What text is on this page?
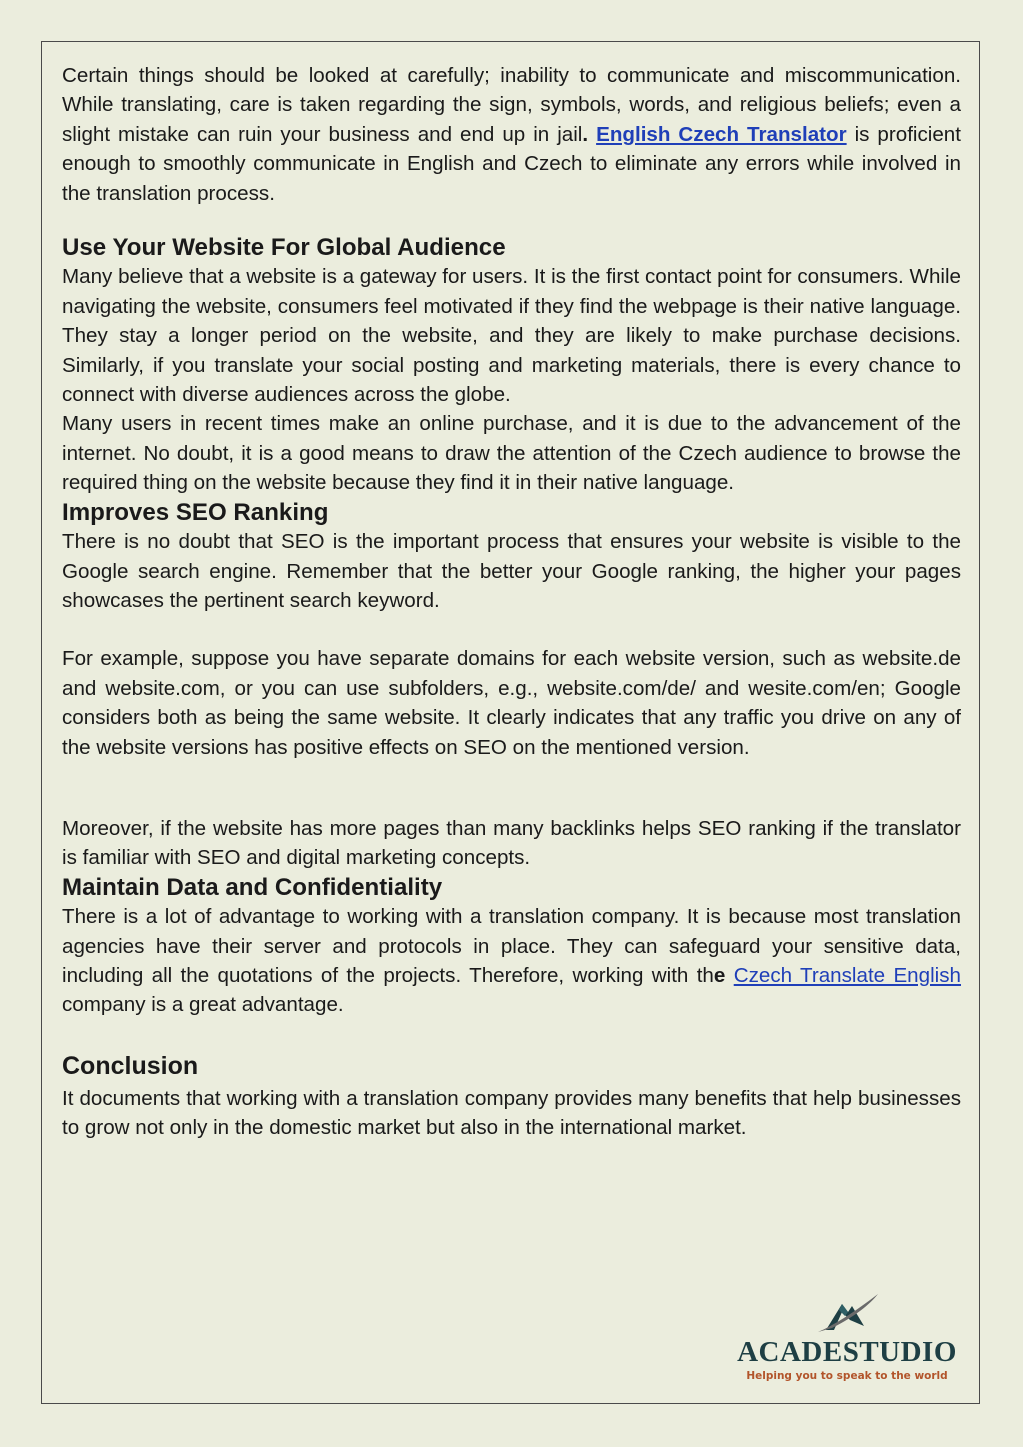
Certain things should be looked at carefully; inability to communicate and miscommunication. While translating, care is taken regarding the sign, symbols, words, and religious beliefs; even a slight mistake can ruin your business and end up in jail. English Czech Translator is proficient enough to smoothly communicate in English and Czech to eliminate any errors while involved in the translation process.

Use Your Website For Global Audience

Many believe that a website is a gateway for users. It is the first contact point for consumers. While navigating the website, consumers feel motivated if they find the webpage is their native language. They stay a longer period on the website, and they are likely to make purchase decisions. Similarly, if you translate your social posting and marketing materials, there is every chance to connect with diverse audiences across the globe.

Many users in recent times make an online purchase, and it is due to the advancement of the internet. No doubt, it is a good means to draw the attention of the Czech audience to browse the required thing on the website because they find it in their native language.

Improves SEO Ranking

There is no doubt that SEO is the important process that ensures your website is visible to the Google search engine. Remember that the better your Google ranking, the higher your pages showcases the pertinent search keyword.

For example, suppose you have separate domains for each website version, such as website.de and website.com, or you can use subfolders, e.g., website.com/de/ and wesite.com/en; Google considers both as being the same website. It clearly indicates that any traffic you drive on any of the website versions has positive effects on SEO on the mentioned version.

Moreover, if the website has more pages than many backlinks helps SEO ranking if the translator is familiar with SEO and digital marketing concepts.

Maintain Data and Confidentiality

There is a lot of advantage to working with a translation company. It is because most translation agencies have their server and protocols in place. They can safeguard your sensitive data, including all the quotations of the projects. Therefore, working with the Czech Translate English company is a great advantage.

Conclusion

It documents that working with a translation company provides many benefits that help businesses to grow not only in the domestic market but also in the international market.

ACADESTUDIO
Helping you to speak to the world
